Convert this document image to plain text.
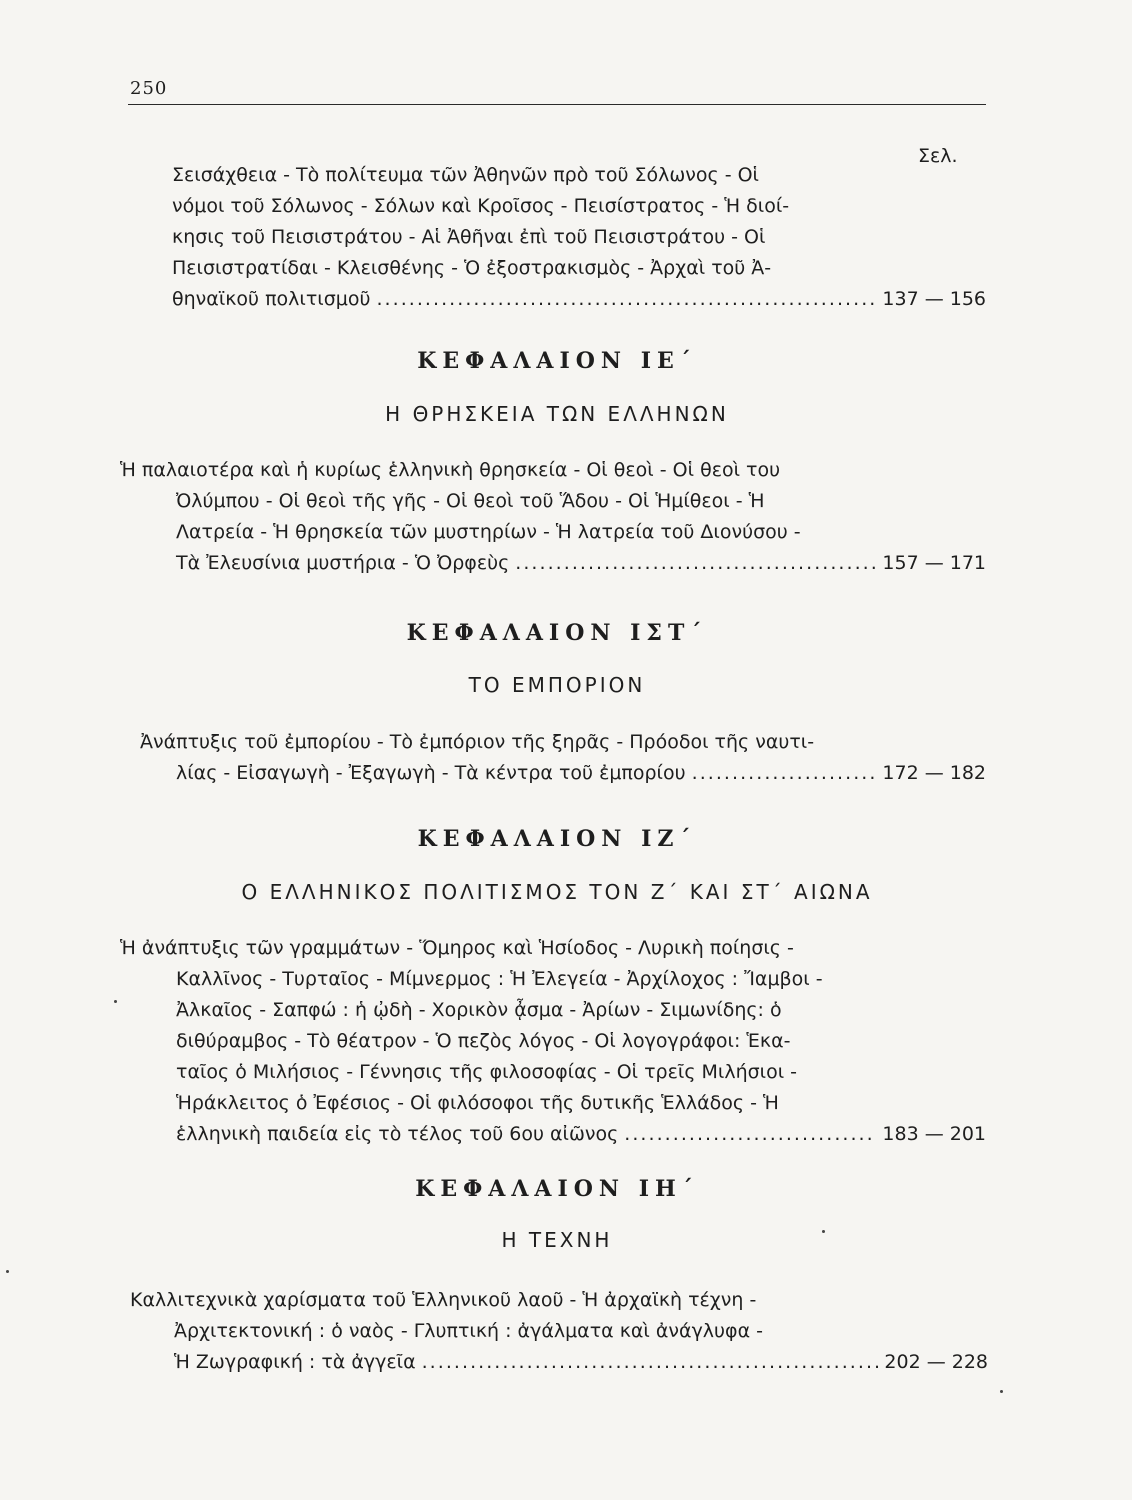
250
Σελ.
Σεισάχθεια - Τὸ πολίτευμα τῶν Ἀθηνῶν πρὸ τοῦ Σόλωνος - Οἱ
νόμοι τοῦ Σόλωνος - Σόλων καὶ Κροῖσος - Πεισίστρατος - Ἡ διοί-
κησις τοῦ Πεισιστράτου - Αἱ Ἀθῆναι ἐπὶ τοῦ Πεισιστράτου - Οἱ
Πεισιστρατίδαι - Κλεισθένης - Ὁ ἐξοστρακισμὸς - Ἀρχαὶ τοῦ Ἀ-
θηναϊκοῦ πολιτισμοῦ . . .	137 — 156
ΚΕΦΑΛΑΙΟΝ ΙΕ΄
Η ΘΡΗΣΚΕΙΑ ΤΩΝ ΕΛΛΗΝΩΝ
Ἡ παλαιοτέρα καὶ ἡ κυρίως ἑλληνικὴ θρησκεία - Οἱ θεοὶ - Οἱ θεοὶ του
Ὀλύμπου - Οἱ θεοὶ τῆς γῆς - Οἱ θεοὶ τοῦ Ἅδου - Οἱ Ἡμίθεοι - Ἡ
Λατρεία - Ἡ θρησκεία τῶν μυστηρίων - Ἡ λατρεία τοῦ Διονύσου -
Τὰ Ἐλευσίνια μυστήρια - Ὁ Ὀρφεὺς . . .	157 — 171
ΚΕΦΑΛΑΙΟΝ ΙΣΤ΄
ΤΟ ΕΜΠΟΡΙΟΝ
Ἀνάπτυξις τοῦ ἐμπορίου - Τὸ ἐμπόριον τῆς ξηρᾶς - Πρόοδοι τῆς ναυτι-
λίας - Εἰσαγωγὴ - Ἐξαγωγὴ - Τὰ κέντρα τοῦ ἐμπορίου . . .	172 — 182
ΚΕΦΑΛΑΙΟΝ ΙΖ΄
Ο ΕΛΛΗΝΙΚΟΣ ΠΟΛΙΤΙΣΜΟΣ ΤΟΝ Ζ΄ ΚΑΙ ΣΤ΄ ΑΙΩΝΑ
Ἡ ἀνάπτυξις τῶν γραμμάτων - Ὅμηρος καὶ Ἡσίοδος - Λυρικὴ ποίησις -
Καλλῖνος - Τυρταῖος - Μίμνερμος : Ἡ Ἐλεγεία - Ἀρχίλοχος : Ἴαμβοι -
Ἀλκαῖος - Σαπφώ : ἡ ᾠδὴ - Χορικὸν ᾆσμα - Ἀρίων - Σιμωνίδης: ὁ
διθύραμβος - Τὸ θέατρον - Ὁ πεζὸς λόγος - Οἱ λογογράφοι: Ἑκα-
ταῖος ὁ Μιλήσιος - Γέννησις τῆς φιλοσοφίας - Οἱ τρεῖς Μιλήσιοι -
Ἡράκλειτος ὁ Ἐφέσιος - Οἱ φιλόσοφοι τῆς δυτικῆς Ἑλλάδος - Ἡ
ἑλληνικὴ παιδεία εἰς τὸ τέλος τοῦ 6ου αἰῶνος . . .	183 — 201
ΚΕΦΑΛΑΙΟΝ ΙΗ΄
Η ΤΕΧΝΗ
Καλλιτεχνικὰ χαρίσματα τοῦ Ἑλληνικοῦ λαοῦ - Ἡ ἀρχαϊκὴ τέχνη -
Ἀρχιτεκτονική : ὁ ναὸς - Γλυπτική : ἀγάλματα καὶ ἀνάγλυφα -
Ἡ Ζωγραφική : τὰ ἀγγεῖα . . .	202 — 228
